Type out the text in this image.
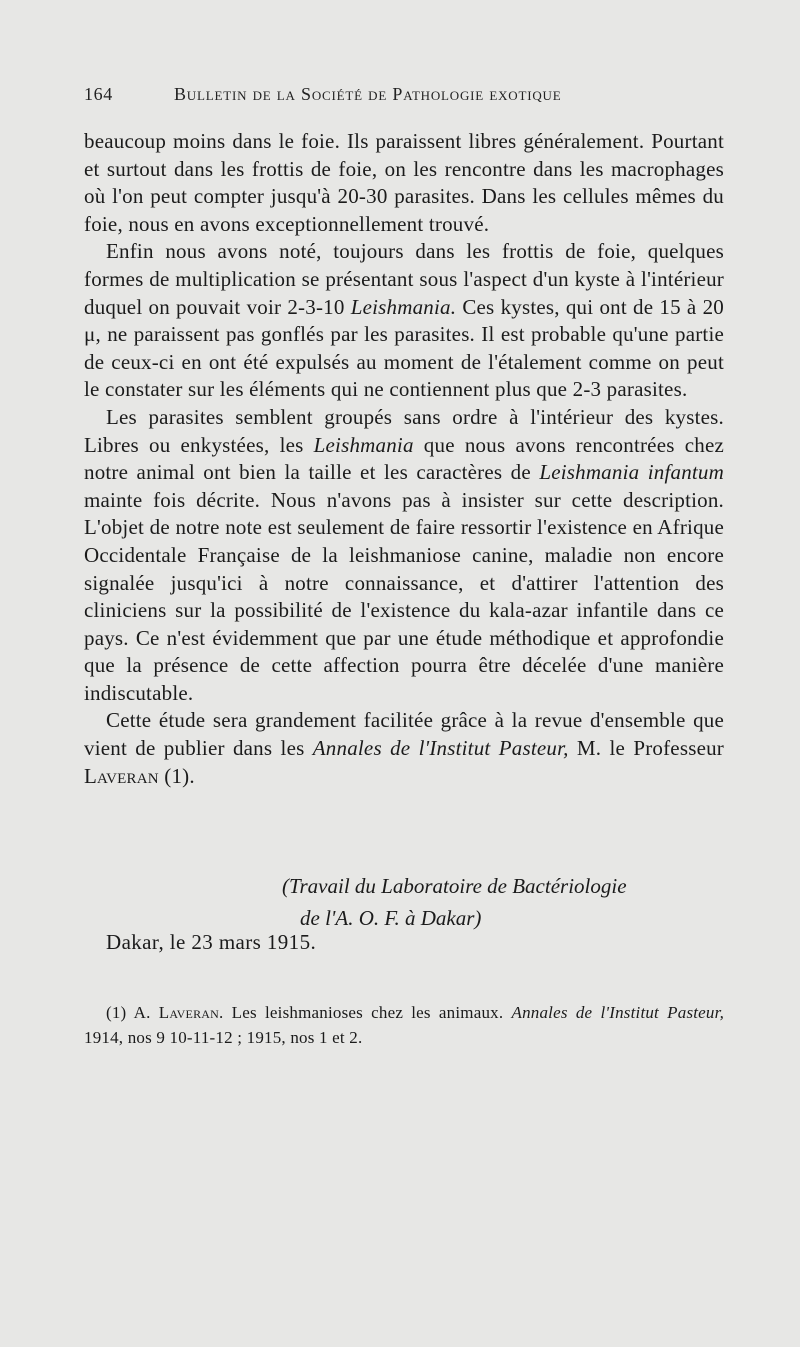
164	Bulletin de la Société de Pathologie exotique

beaucoup moins dans le foie. Ils paraissent libres généralement. Pourtant et surtout dans les frottis de foie, on les rencontre dans les macrophages où l'on peut compter jusqu'à 20-30 parasites. Dans les cellules mêmes du foie, nous en avons exceptionnellement trouvé.

Enfin nous avons noté, toujours dans les frottis de foie, quelques formes de multiplication se présentant sous l'aspect d'un kyste à l'intérieur duquel on pouvait voir 2-3-10 Leishmania. Ces kystes, qui ont de 15 à 20 μ, ne paraissent pas gonflés par les parasites. Il est probable qu'une partie de ceux-ci en ont été expulsés au moment de l'étalement comme on peut le constater sur les éléments qui ne contiennent plus que 2-3 parasites.

Les parasites semblent groupés sans ordre à l'intérieur des kystes. Libres ou enkystées, les Leishmania que nous avons rencontrées chez notre animal ont bien la taille et les caractères de Leishmania infantum mainte fois décrite. Nous n'avons pas à insister sur cette description. L'objet de notre note est seulement de faire ressortir l'existence en Afrique Occidentale Française de la leishmaniose canine, maladie non encore signalée jusqu'ici à notre connaissance, et d'attirer l'attention des cliniciens sur la possibilité de l'existence du kala-azar infantile dans ce pays. Ce n'est évidemment que par une étude méthodique et approfondie que la présence de cette affection pourra être décelée d'une manière indiscutable.

Cette étude sera grandement facilitée grâce à la revue d'ensemble que vient de publier dans les Annales de l'Institut Pasteur, M. le Professeur Laveran (1).

(Travail du Laboratoire de Bactériologie
de l'A. O. F. à Dakar)
Dakar, le 23 mars 1915.
(1) A. Laveran. Les leishmanioses chez les animaux. Annales de l'Institut Pasteur, 1914, nos 9 10-11-12 ; 1915, nos 1 et 2.
